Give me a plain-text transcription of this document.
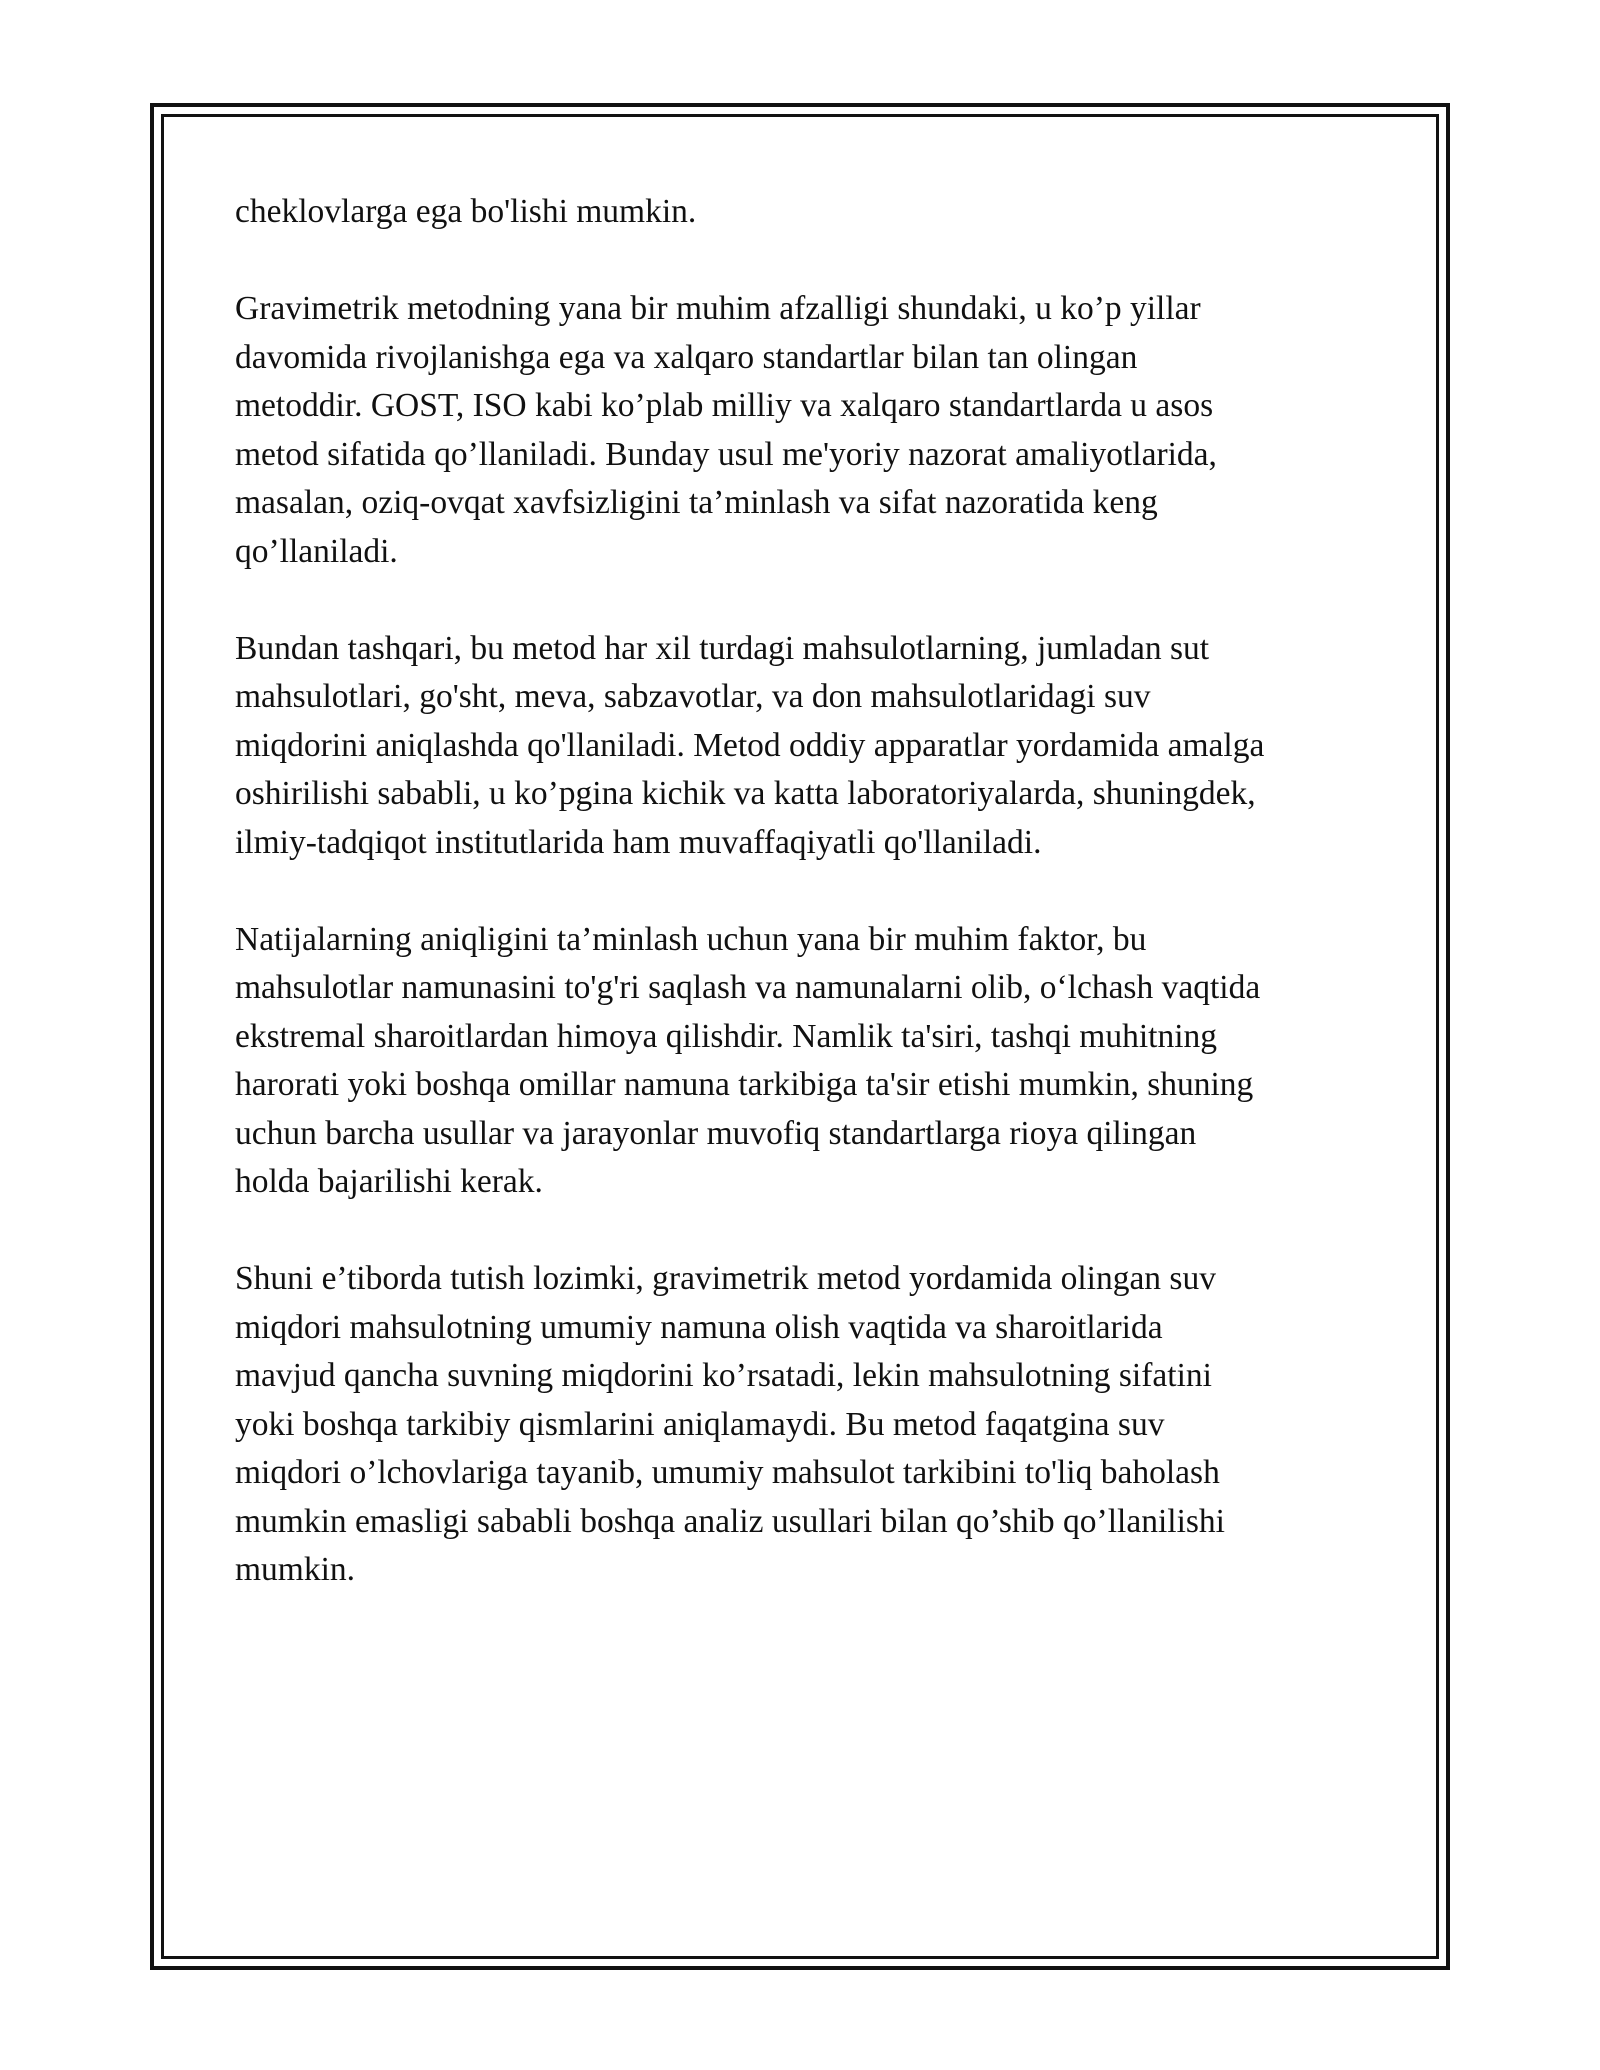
cheklovlarga ega bo'lishi mumkin.

Gravimetrik metodning yana bir muhim afzalligi shundaki, u ko’p yillar
davomida rivojlanishga ega va xalqaro standartlar bilan tan olingan
metoddir. GOST, ISO kabi ko’plab milliy va xalqaro standartlarda u asos
metod sifatida qo’llaniladi. Bunday usul me'yoriy nazorat amaliyotlarida,
masalan, oziq-ovqat xavfsizligini ta’minlash va sifat nazoratida keng
qo’llaniladi.

Bundan tashqari, bu metod har xil turdagi mahsulotlarning, jumladan sut
mahsulotlari, go'sht, meva, sabzavotlar, va don mahsulotlaridagi suv
miqdorini aniqlashda qo'llaniladi. Metod oddiy apparatlar yordamida amalga
oshirilishi sababli, u ko’pgina kichik va katta laboratoriyalarda, shuningdek,
ilmiy-tadqiqot institutlarida ham muvaffaqiyatli qo'llaniladi.

Natijalarning aniqligini ta’minlash uchun yana bir muhim faktor, bu
mahsulotlar namunasini to'g'ri saqlash va namunalarni olib, o‘lchash vaqtida
ekstremal sharoitlardan himoya qilishdir. Namlik ta'siri, tashqi muhitning
harorati yoki boshqa omillar namuna tarkibiga ta'sir etishi mumkin, shuning
uchun barcha usullar va jarayonlar muvofiq standartlarga rioya qilingan
holda bajarilishi kerak.

Shuni e’tiborda tutish lozimki, gravimetrik metod yordamida olingan suv
miqdori mahsulotning umumiy namuna olish vaqtida va sharoitlarida
mavjud qancha suvning miqdorini ko’rsatadi, lekin mahsulotning sifatini
yoki boshqa tarkibiy qismlarini aniqlamaydi. Bu metod faqatgina suv
miqdori o’lchovlariga tayanib, umumiy mahsulot tarkibini to'liq baholash
mumkin emasligi sababli boshqa analiz usullari bilan qo’shib qo’llanilishi
mumkin.
